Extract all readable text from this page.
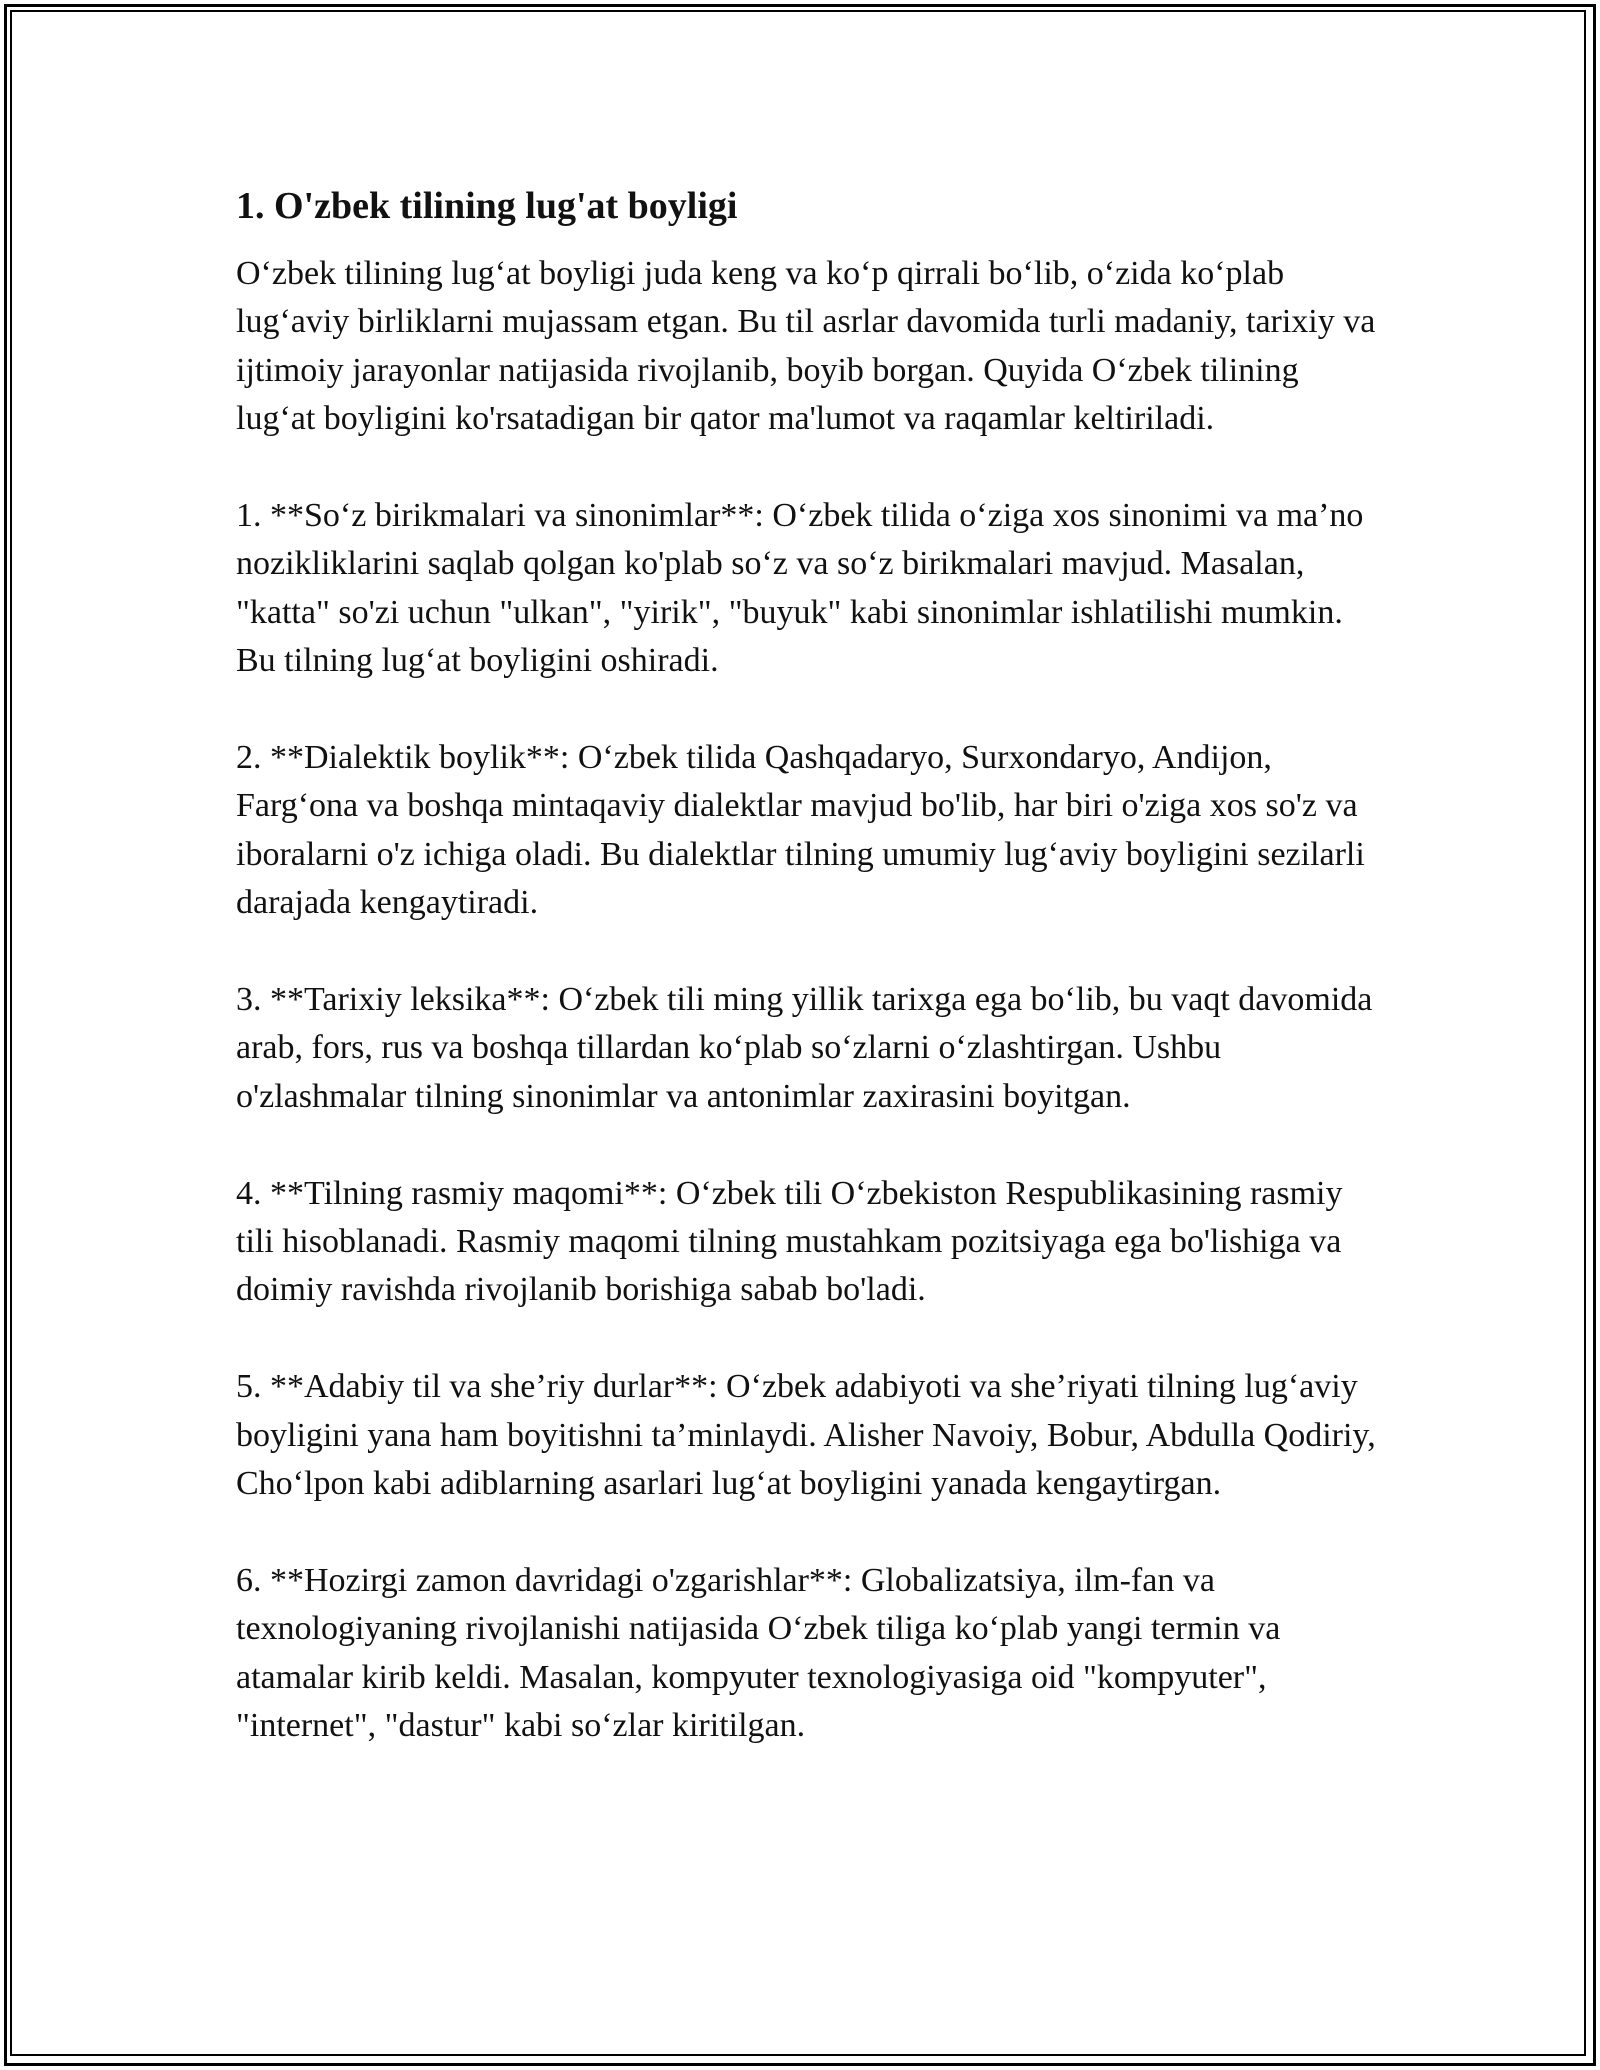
1. O'zbek tilining lug'at boyligi

O‘zbek tilining lug‘at boyligi juda keng va ko‘p qirrali bo‘lib, o‘zida ko‘plab lug‘aviy birliklarni mujassam etgan. Bu til asrlar davomida turli madaniy, tarixiy va ijtimoiy jarayonlar natijasida rivojlanib, boyib borgan. Quyida O‘zbek tilining lug‘at boyligini ko'rsatadigan bir qator ma'lumot va raqamlar keltiriladi.

1. **So‘z birikmalari va sinonimlar**: O‘zbek tilida o‘ziga xos sinonimi va ma’no nozikliklarini saqlab qolgan ko'plab so‘z va so‘z birikmalari mavjud. Masalan, "katta" so'zi uchun "ulkan", "yirik", "buyuk" kabi sinonimlar ishlatilishi mumkin. Bu tilning lug‘at boyligini oshiradi.

2. **Dialektik boylik**: O‘zbek tilida Qashqadaryo, Surxondaryo, Andijon, Farg‘ona va boshqa mintaqaviy dialektlar mavjud bo'lib, har biri o'ziga xos so'z va iboralarni o'z ichiga oladi. Bu dialektlar tilning umumiy lug‘aviy boyligini sezilarli darajada kengaytiradi.

3. **Tarixiy leksika**: O‘zbek tili ming yillik tarixga ega bo‘lib, bu vaqt davomida arab, fors, rus va boshqa tillardan ko‘plab so‘zlarni o‘zlashtirgan. Ushbu o'zlashmalar tilning sinonimlar va antonimlar zaxirasini boyitgan.

4. **Tilning rasmiy maqomi**: O‘zbek tili O‘zbekiston Respublikasining rasmiy tili hisoblanadi. Rasmiy maqomi tilning mustahkam pozitsiyaga ega bo'lishiga va doimiy ravishda rivojlanib borishiga sabab bo'ladi.

5. **Adabiy til va she’riy durlar**: O‘zbek adabiyoti va she’riyati tilning lug‘aviy boyligini yana ham boyitishni ta’minlaydi. Alisher Navoiy, Bobur, Abdulla Qodiriy, Cho‘lpon kabi adiblarning asarlari lug‘at boyligini yanada kengaytirgan.

6. **Hozirgi zamon davridagi o'zgarishlar**: Globalizatsiya, ilm-fan va texnologiyaning rivojlanishi natijasida O‘zbek tiliga ko‘plab yangi termin va atamalar kirib keldi. Masalan, kompyuter texnologiyasiga oid "kompyuter", "internet", "dastur" kabi so‘zlar kiritilgan.
